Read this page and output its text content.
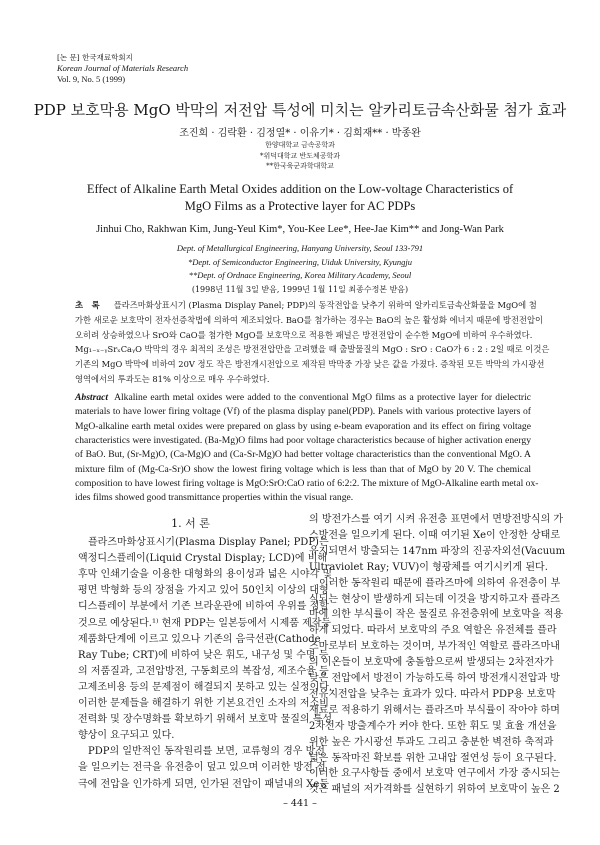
[논 문] 한국재료학회지
Korean Journal of Materials Research
Vol. 9, No. 5 (1999)
PDP 보호막용 MgO 박막의 저전압 특성에 미치는 알카리토금속산화물 첨가 효과
조진희 · 김락환 · 김정열* · 이유기* · 김희재** · 박종완
한양대학교 금속공학과
*위덕대학교 반도체공학과
**한국육군과학대학교
Effect of Alkaline Earth Metal Oxides addition on the Low-voltage Characteristics of
MgO Films as a Protective layer for AC PDPs
Jinhui Cho, Rakhwan Kim, Jung-Yeul Kim*, You-Kee Lee*, Hee-Jae Kim** and Jong-Wan Park
Dept. of Metallurgical Engineering, Hanyang University, Seoul 133-791
*Dept. of Semiconductor Engineering, Uiduk University, Kyungju
**Dept. of Ordnace Engineering, Korea Military Academy, Seoul
(1998년 11월 3일 받음, 1999년 1월 11일 최종수정본 받음)
초   록 플라즈마화상표시기 (Plasma Display Panel; PDP)의 동작전압을 낮추기 위하여 알카리토금속산화물을 MgO에 첨
가한 새로운 보호막이 전자선증착법에 의하여 제조되었다. BaO를 첨가하는 경우는 BaO의 높은 활성화 에너지 때문에 방전전압이
오히려 상승하였으나 SrO와 CaO를 첨가한 MgO를 보호막으로 적용한 패널은 방전전압이 순수한 MgO에 비하여 우수하였다.
Mg₁₋ₓ₋ᵧSrₓCaᵧO 박막의 경우 최적의 조성은 방전전압만을 고려했을 때 출발물질의 MgO : SrO : CaO가 6 : 2 : 2일 때로 이것은
기존의 MgO 박막에 비하여 20V 정도 작은 방전개시전압으로 제작된 박막중 가장 낮은 값을 가졌다. 증착된 모든 박막의 가시광선
영역에서의 투과도는 81% 이상으로 매우 우수하였다.
Abstract Alkaline earth metal oxides were added to the conventional MgO films as a protective layer for dielectric
materials to have lower firing voltage (Vf) of the plasma display panel(PDP). Panels with various protective layers of
MgO-alkaline earth metal oxides were prepared on glass by using e-beam evaporation and its effect on firing voltage
characteristics were investigated. (Ba-Mg)O films had poor voltage characteristics because of higher activation energy
of BaO. But, (Sr-Mg)O, (Ca-Mg)O and (Ca-Sr-Mg)O had better voltage characteristics than the conventional MgO. A
mixture film of (Mg-Ca-Sr)O show the lowest firing voltage which is less than that of MgO by 20 V. The chemical
composition to have lowest firing voltage is MgO:SrO:CaO ratio of 6:2:2. The mixture of MgO-Alkaline earth metal ox-
ides films showed good transmittance properties within the visual range.
1. 서 론
플라즈마화상표시기(Plasma Display Panel; PDP)는
액정디스플레이(Liquid Crystal Display; LCD)에 비해
후막 인쇄기술을 이용한 대형화의 용이성과 넓은 시야각 및
평면 박형화 등의 장점을 가지고 있어 50인치 이상의 대형
디스플레이 부분에서 기존 브라운관에 비하여 우위를 점할
것으로 예상된다.¹⁾ 현재 PDP는 일본등에서 시제품 제작등
제품화단계에 이르고 있으나 기존의 음극선관(Cathode
Ray Tube; CRT)에 비하여 낮은 휘도, 내구성 및 수명 등
의 저품질과, 고전압방전, 구동회로의 복잡성, 제조수율 등
고제조비용 등의 문제점이 해결되지 못하고 있는 실정이다.
이러한 문제들을 해결하기 위한 기본요건인 소자의 저소비
전력화 및 장수명화를 확보하기 위해서 보호막 물질의 특성
향상이 요구되고 있다.
PDP의 일반적인 동작원리를 보면, 교류형의 경우 방전
을 일으키는 전극을 유전층이 덮고 있으며 이러한 방전 전
극에 전압을 인가하게 되면, 인가된 전압이 패널내의 Xe등
의 방전가스를 여기 시켜 유전층 표면에서 면방전방식의 가
스방전을 일으키게 된다. 이때 여기된 Xe이 안정한 상태로
유지되면서 방출되는 147nm 파장의 진공자외선(Vacuum
Ultraviolet Ray; VUV)이 형광체를 여기시키게 된다.
이러한 동작원리 때문에 플라즈마에 의하여 유전층이 부
식되는 현상이 발생하게 되는데 이것을 방지하고자 플라즈
마에 의한 부식률이 작은 물질로 유전층위에 보호막을 적용
하게 되었다. 따라서 보호막의 주요 역할은 유전체를 플라
즈마로부터 보호하는 것이며, 부가적인 역할로 플라즈마내
의 이온들이 보호막에 충돌함으로써 발생되는 2차전자가
낮은 전압에서 방전이 가능하도록 하여 방전개시전압과 방
전유지전압을 낮추는 효과가 있다. 따라서 PDP용 보호막
재료로 적용하기 위해서는 플라즈마 부식률이 작아야 하며
2차전자 방출계수가 커야 한다. 또한 휘도 및 효율 개선을
위한 높은 가시광선 투과도 그리고 충분한 벽전하 축적과
넓은 동작마진 확보를 위한 고내압 절연성 등이 요구된다.
이러한 요구사항들 중에서 보호막 연구에서 가장 중시되는
것은 패널의 저가격화를 실현하기 위하여 보호막이 높은 2
– 441 –
